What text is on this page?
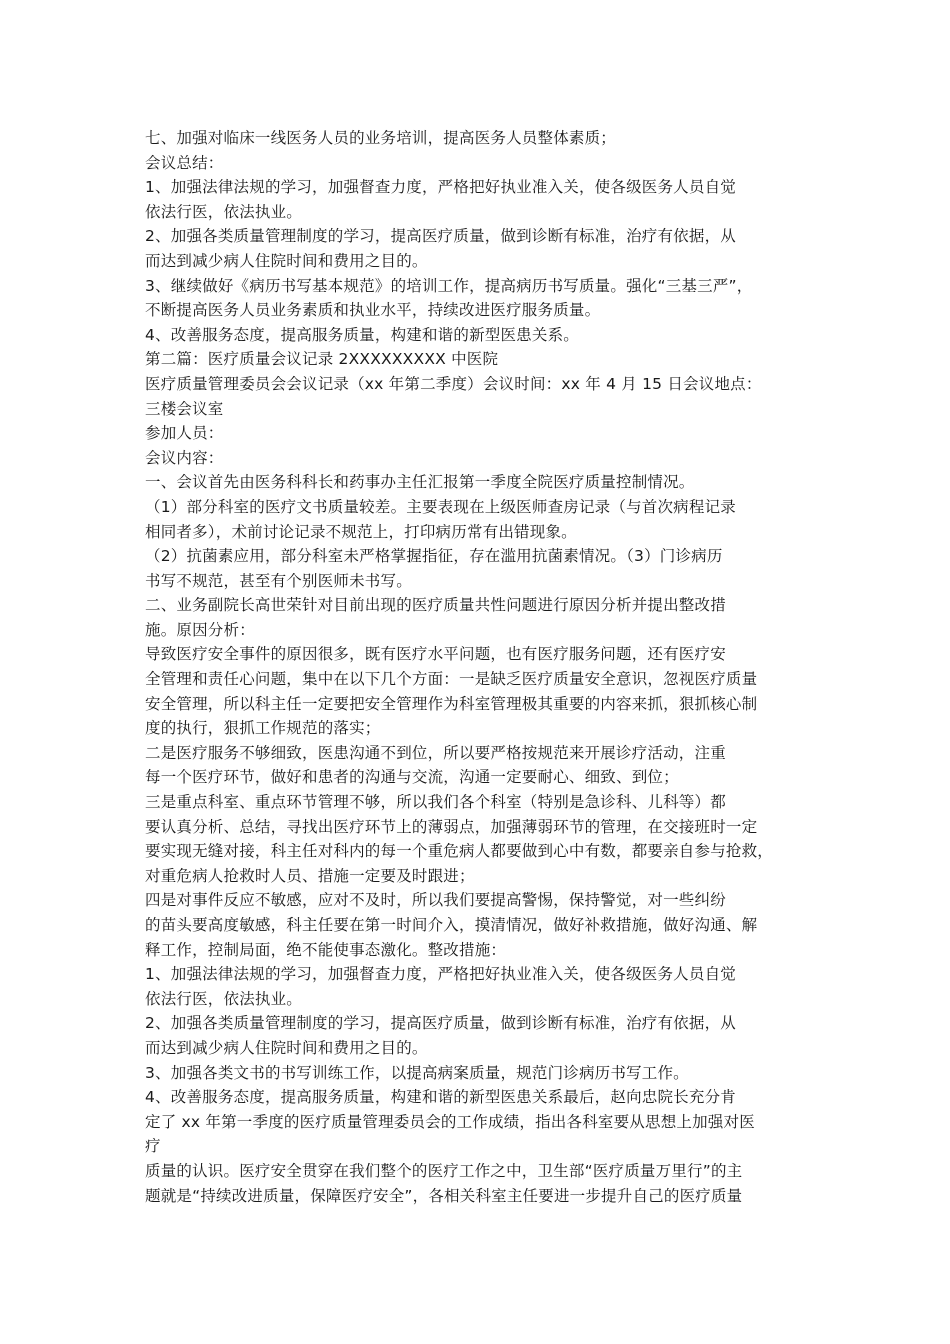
七、加强对临床一线医务人员的业务培训，提高医务人员整体素质；
会议总结：
1、加强法律法规的学习，加强督查力度，严格把好执业准入关，使各级医务人员自觉
依法行医，依法执业。
2、加强各类质量管理制度的学习，提高医疗质量，做到诊断有标准，治疗有依据，从
而达到减少病人住院时间和费用之目的。
3、继续做好《病历书写基本规范》的培训工作，提高病历书写质量。强化“三基三严”，
不断提高医务人员业务素质和执业水平，持续改进医疗服务质量。
4、改善服务态度，提高服务质量，构建和谐的新型医患关系。
第二篇：医疗质量会议记录 2XXXXXXXXX 中医院
医疗质量管理委员会会议记录（xx 年第二季度）会议时间：xx 年 4 月 15 日会议地点：
三楼会议室
参加人员：
会议内容：
一、会议首先由医务科科长和药事办主任汇报第一季度全院医疗质量控制情况。
（1）部分科室的医疗文书质量较差。主要表现在上级医师查房记录（与首次病程记录
相同者多），术前讨论记录不规范上，打印病历常有出错现象。
（2）抗菌素应用，部分科室未严格掌握指征，存在滥用抗菌素情况。（3）门诊病历
书写不规范，甚至有个别医师未书写。
二、业务副院长高世荣针对目前出现的医疗质量共性问题进行原因分析并提出整改措
施。原因分析：
导致医疗安全事件的原因很多，既有医疗水平问题，也有医疗服务问题，还有医疗安
全管理和责任心问题，集中在以下几个方面：一是缺乏医疗质量安全意识，忽视医疗质量
安全管理，所以科主任一定要把安全管理作为科室管理极其重要的内容来抓，狠抓核心制
度的执行，狠抓工作规范的落实；
二是医疗服务不够细致，医患沟通不到位，所以要严格按规范来开展诊疗活动，注重
每一个医疗环节，做好和患者的沟通与交流，沟通一定要耐心、细致、到位；
三是重点科室、重点环节管理不够，所以我们各个科室（特别是急诊科、儿科等）都
要认真分析、总结，寻找出医疗环节上的薄弱点，加强薄弱环节的管理，在交接班时一定
要实现无缝对接，科主任对科内的每一个重危病人都要做到心中有数，都要亲自参与抢救，
对重危病人抢救时人员、措施一定要及时跟进；
四是对事件反应不敏感，应对不及时，所以我们要提高警惕，保持警觉，对一些纠纷
的苗头要高度敏感，科主任要在第一时间介入，摸清情况，做好补救措施，做好沟通、解
释工作，控制局面，绝不能使事态激化。整改措施：
1、加强法律法规的学习，加强督查力度，严格把好执业准入关，使各级医务人员自觉
依法行医，依法执业。
2、加强各类质量管理制度的学习，提高医疗质量，做到诊断有标准，治疗有依据，从
而达到减少病人住院时间和费用之目的。
3、加强各类文书的书写训练工作，以提高病案质量，规范门诊病历书写工作。
4、改善服务态度，提高服务质量，构建和谐的新型医患关系最后，赵向忠院长充分肯
定了 xx 年第一季度的医疗质量管理委员会的工作成绩，指出各科室要从思想上加强对医
疗
质量的认识。医疗安全贯穿在我们整个的医疗工作之中，卫生部“医疗质量万里行”的主
题就是“持续改进质量，保障医疗安全”，各相关科室主任要进一步提升自己的医疗质量
